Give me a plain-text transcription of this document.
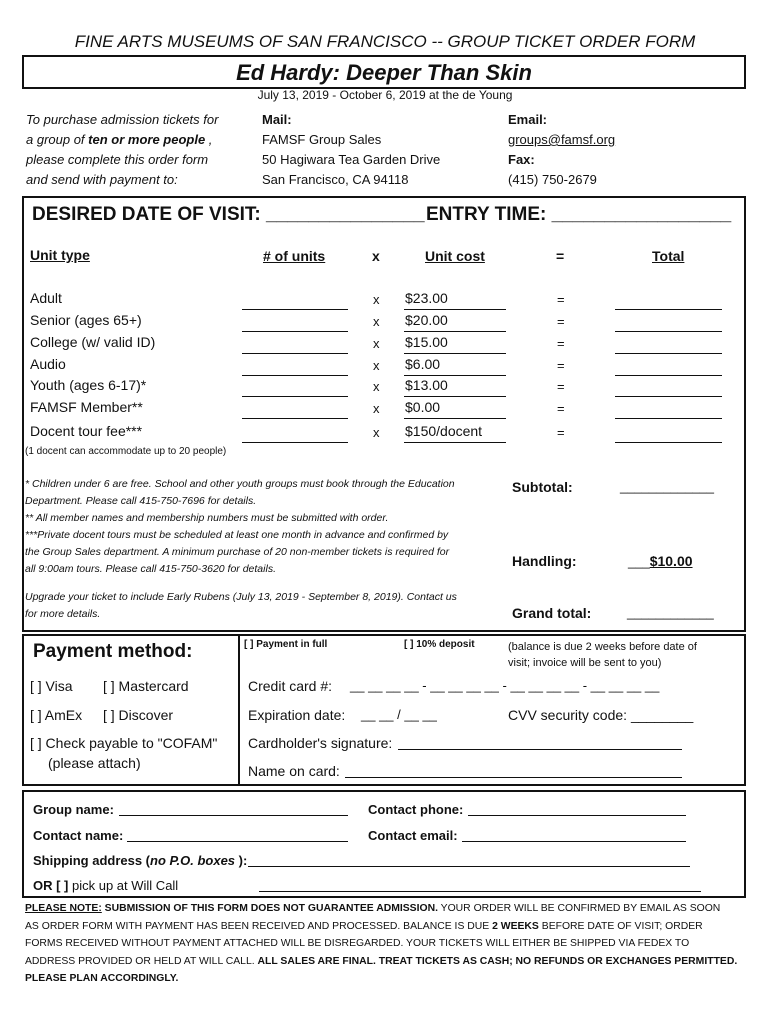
FINE ARTS MUSEUMS OF SAN FRANCISCO -- GROUP TICKET ORDER FORM
Ed Hardy: Deeper Than Skin
July 13, 2019 - October 6, 2019 at the de Young
To purchase admission tickets for
a group of ten or more people ,
please complete this order form
and send with payment to:
Mail:
FAMSF Group Sales
50 Hagiwara Tea Garden Drive
San Francisco, CA 94118
Email:
groups@famsf.org
Fax:
(415) 750-2679
DESIRED DATE OF VISIT: _______________ ENTRY TIME: _________________
Unit type	# of units	x	Unit cost	=	Total
Adult	x $23.00	=
Senior (ages 65+)	x $20.00	=
College (w/ valid ID)	x $15.00	=
Audio	x $6.00	=
Youth (ages 6-17)*	x $13.00	=
FAMSF Member**	x $0.00	=
Docent tour fee***	x $150/docent	=
(1 docent can accommodate up to 20 people)
* Children under 6 are free. School and other youth groups must book through the Education
Department. Please call 415-750-7696 for details.
** All member names and membership numbers must be submitted with order.
***Private docent tours must be scheduled at least one month in advance and confirmed by
the Group Sales department. A minimum purchase of 20 non-member tickets is required for
all 9:00am tours. Please call 415-750-3620 for details.
Upgrade your ticket to include Early Rubens (July 13, 2019 - September 8, 2019). Contact us
for more details.
Subtotal:	_____________
Handling:	___$10.00
Grand total:	____________
Payment method:
[ ] Visa [ ] Mastercard
[ ] AmEx [ ] Discover
[ ] Check payable to "COFAM"
(please attach)
[ ] Payment in full	[ ] 10% deposit	(balance is due 2 weeks before date of
visit; invoice will be sent to you)
Credit card #: __ __ __ __ - __ __ __ __ - __ __ __ __ - __ __ __ __
Expiration date: __ __ / __ __	CVV security code: ________
Cardholder's signature:
Name on card:
Group name:	Contact phone:
Contact name:	Contact email:
Shipping address (no P.O. boxes ):
OR [ ] pick up at Will Call
PLEASE NOTE: SUBMISSION OF THIS FORM DOES NOT GUARANTEE ADMISSION. YOUR ORDER WILL BE CONFIRMED BY EMAIL AS SOON
AS ORDER FORM WITH PAYMENT HAS BEEN RECEIVED AND PROCESSED. BALANCE IS DUE 2 WEEKS BEFORE DATE OF VISIT; ORDER
FORMS RECEIVED WITHOUT PAYMENT ATTACHED WILL BE DISREGARDED. YOUR TICKETS WILL EITHER BE SHIPPED VIA FEDEX TO
ADDRESS PROVIDED OR HELD AT WILL CALL. ALL SALES ARE FINAL. TREAT TICKETS AS CASH; NO REFUNDS OR EXCHANGES PERMITTED.
PLEASE PLAN ACCORDINGLY.
